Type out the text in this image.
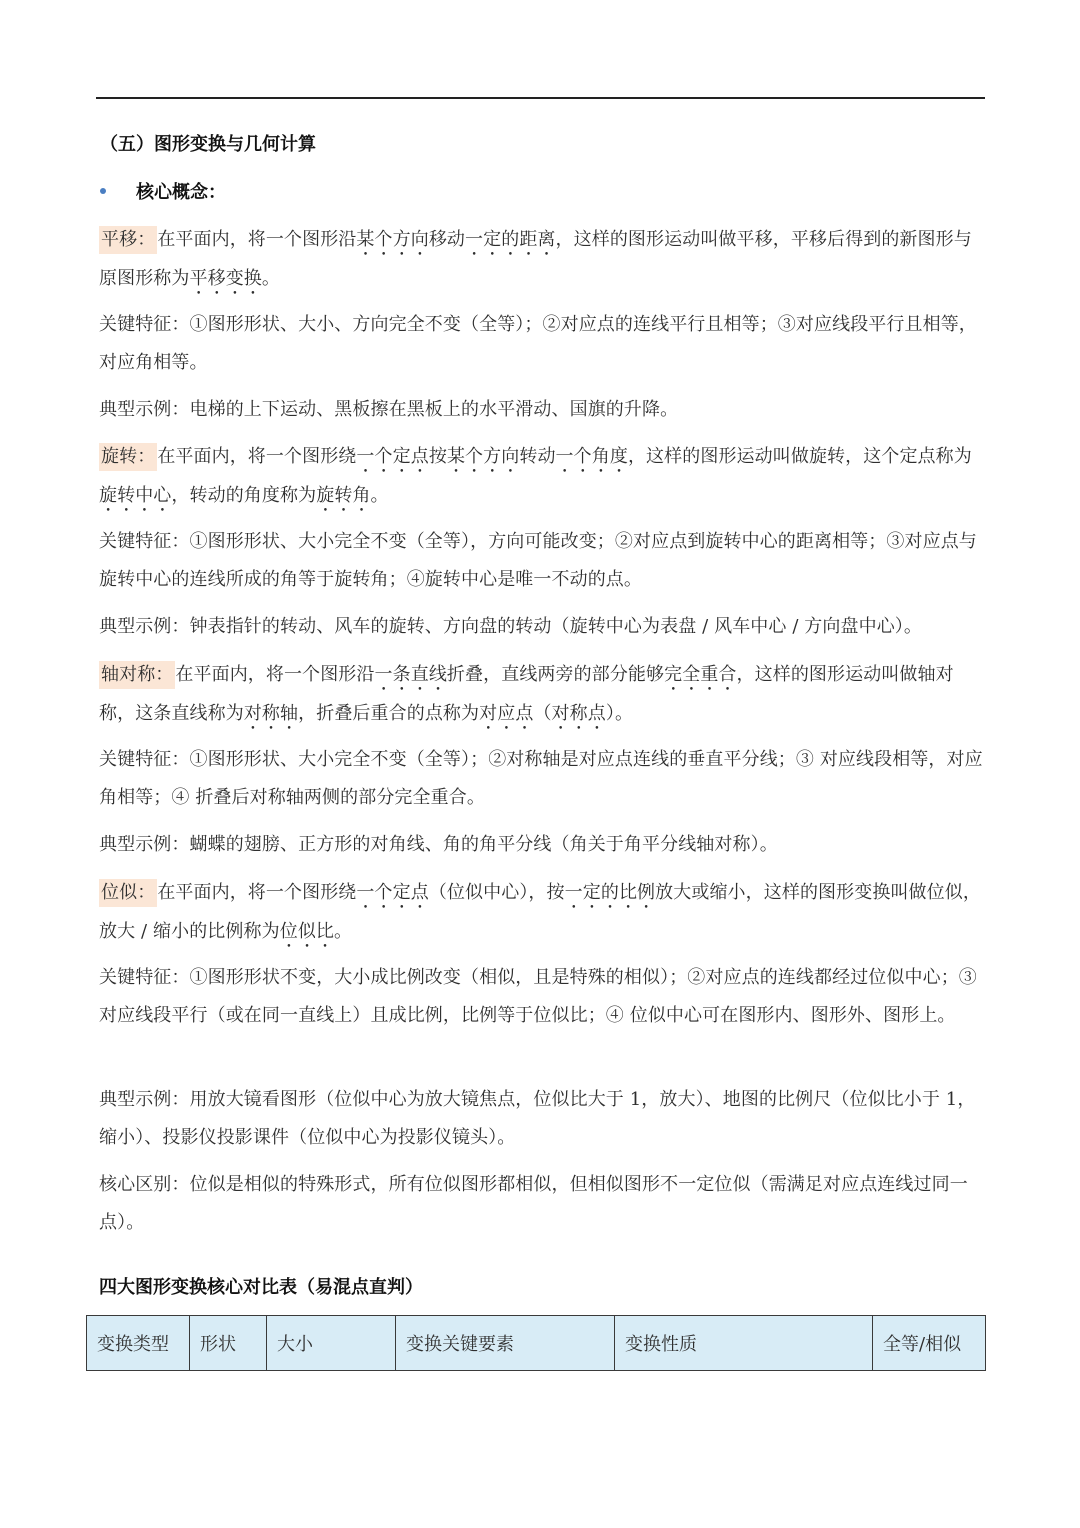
（五）图形变换与几何计算
核心概念：
平移： 在平面内，将一个图形沿某个方向移动一定的距离，这样的图形运动叫做平移，平移后得到的新图形与原图形称为平移变换。
关键特征：①图形形状、大小、方向完全不变（全等）；②对应点的连线平行且相等；③对应线段平行且相等，对应角相等。
典型示例：电梯的上下运动、黑板擦在黑板上的水平滑动、国旗的升降。
旋转： 在平面内，将一个图形绕一个定点按某个方向转动一个角度，这样的图形运动叫做旋转，这个定点称为旋转中心，转动的角度称为旋转角。
关键特征：①图形形状、大小完全不变（全等），方向可能改变；②对应点到旋转中心的距离相等；③对应点与旋转中心的连线所成的角等于旋转角；④旋转中心是唯一不动的点。
典型示例：钟表指针的转动、风车的旋转、方向盘的转动（旋转中心为表盘 / 风车中心 / 方向盘中心）。
轴对称： 在平面内，将一个图形沿一条直线折叠，直线两旁的部分能够完全重合，这样的图形运动叫做轴对称，这条直线称为对称轴，折叠后重合的点称为对应点（对称点）。
关键特征：①图形形状、大小完全不变（全等）；②对称轴是对应点连线的垂直平分线；③ 对应线段相等，对应角相等；④ 折叠后对称轴两侧的部分完全重合。
典型示例：蝴蝶的翅膀、正方形的对角线、角的角平分线（角关于角平分线轴对称）。
位似： 在平面内，将一个图形绕一个定点（位似中心），按一定的比例放大或缩小，这样的图形变换叫做位似，放大 / 缩小的比例称为位似比。
关键特征：①图形形状不变，大小成比例改变（相似，且是特殊的相似）；②对应点的连线都经过位似中心；③对应线段平行（或在同一直线上）且成比例，比例等于位似比；④ 位似中心可在图形内、图形外、图形上。
典型示例：用放大镜看图形（位似中心为放大镜焦点，位似比大于 1，放大）、地图的比例尺（位似比小于 1，缩小）、投影仪投影课件（位似中心为投影仪镜头）。
核心区别：位似是相似的特殊形式，所有位似图形都相似，但相似图形不一定位似（需满足对应点连线过同一点）。
四大图形变换核心对比表（易混点直判）
变换类型	形状	大小	变换关键要素	变换性质	全等/相似
